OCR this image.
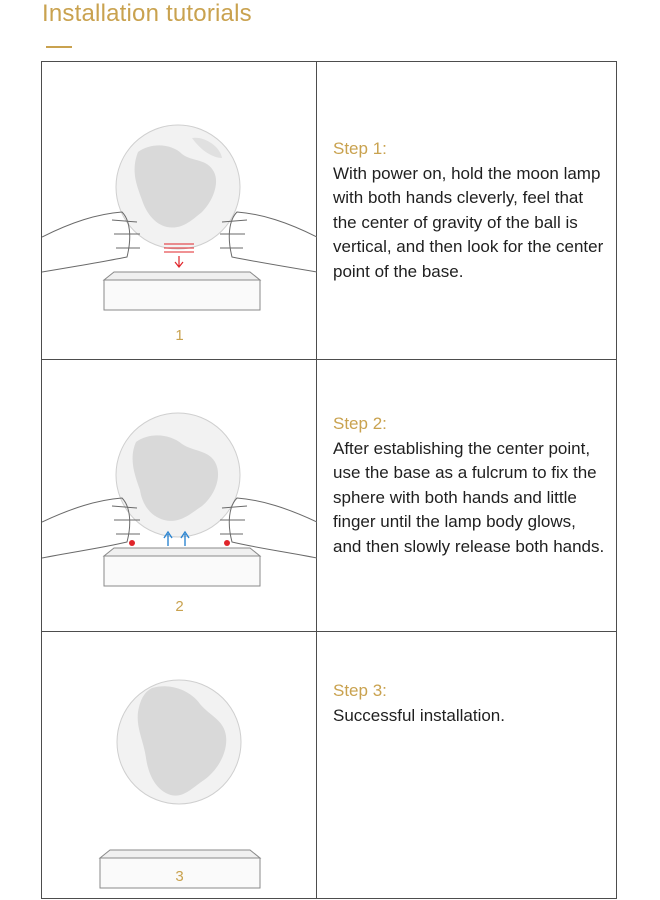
Installation tutorials
1
Step 1:
With power on, hold the moon lamp
with both hands cleverly, feel that
the center of gravity of the ball is
vertical, and then look for the center
point of the base.
2
Step 2:
After establishing the center point,
use the base as a fulcrum to fix the
sphere with both hands and little
finger until the lamp body glows,
and then slowly release both hands.
3
Step 3:
Successful installation.
